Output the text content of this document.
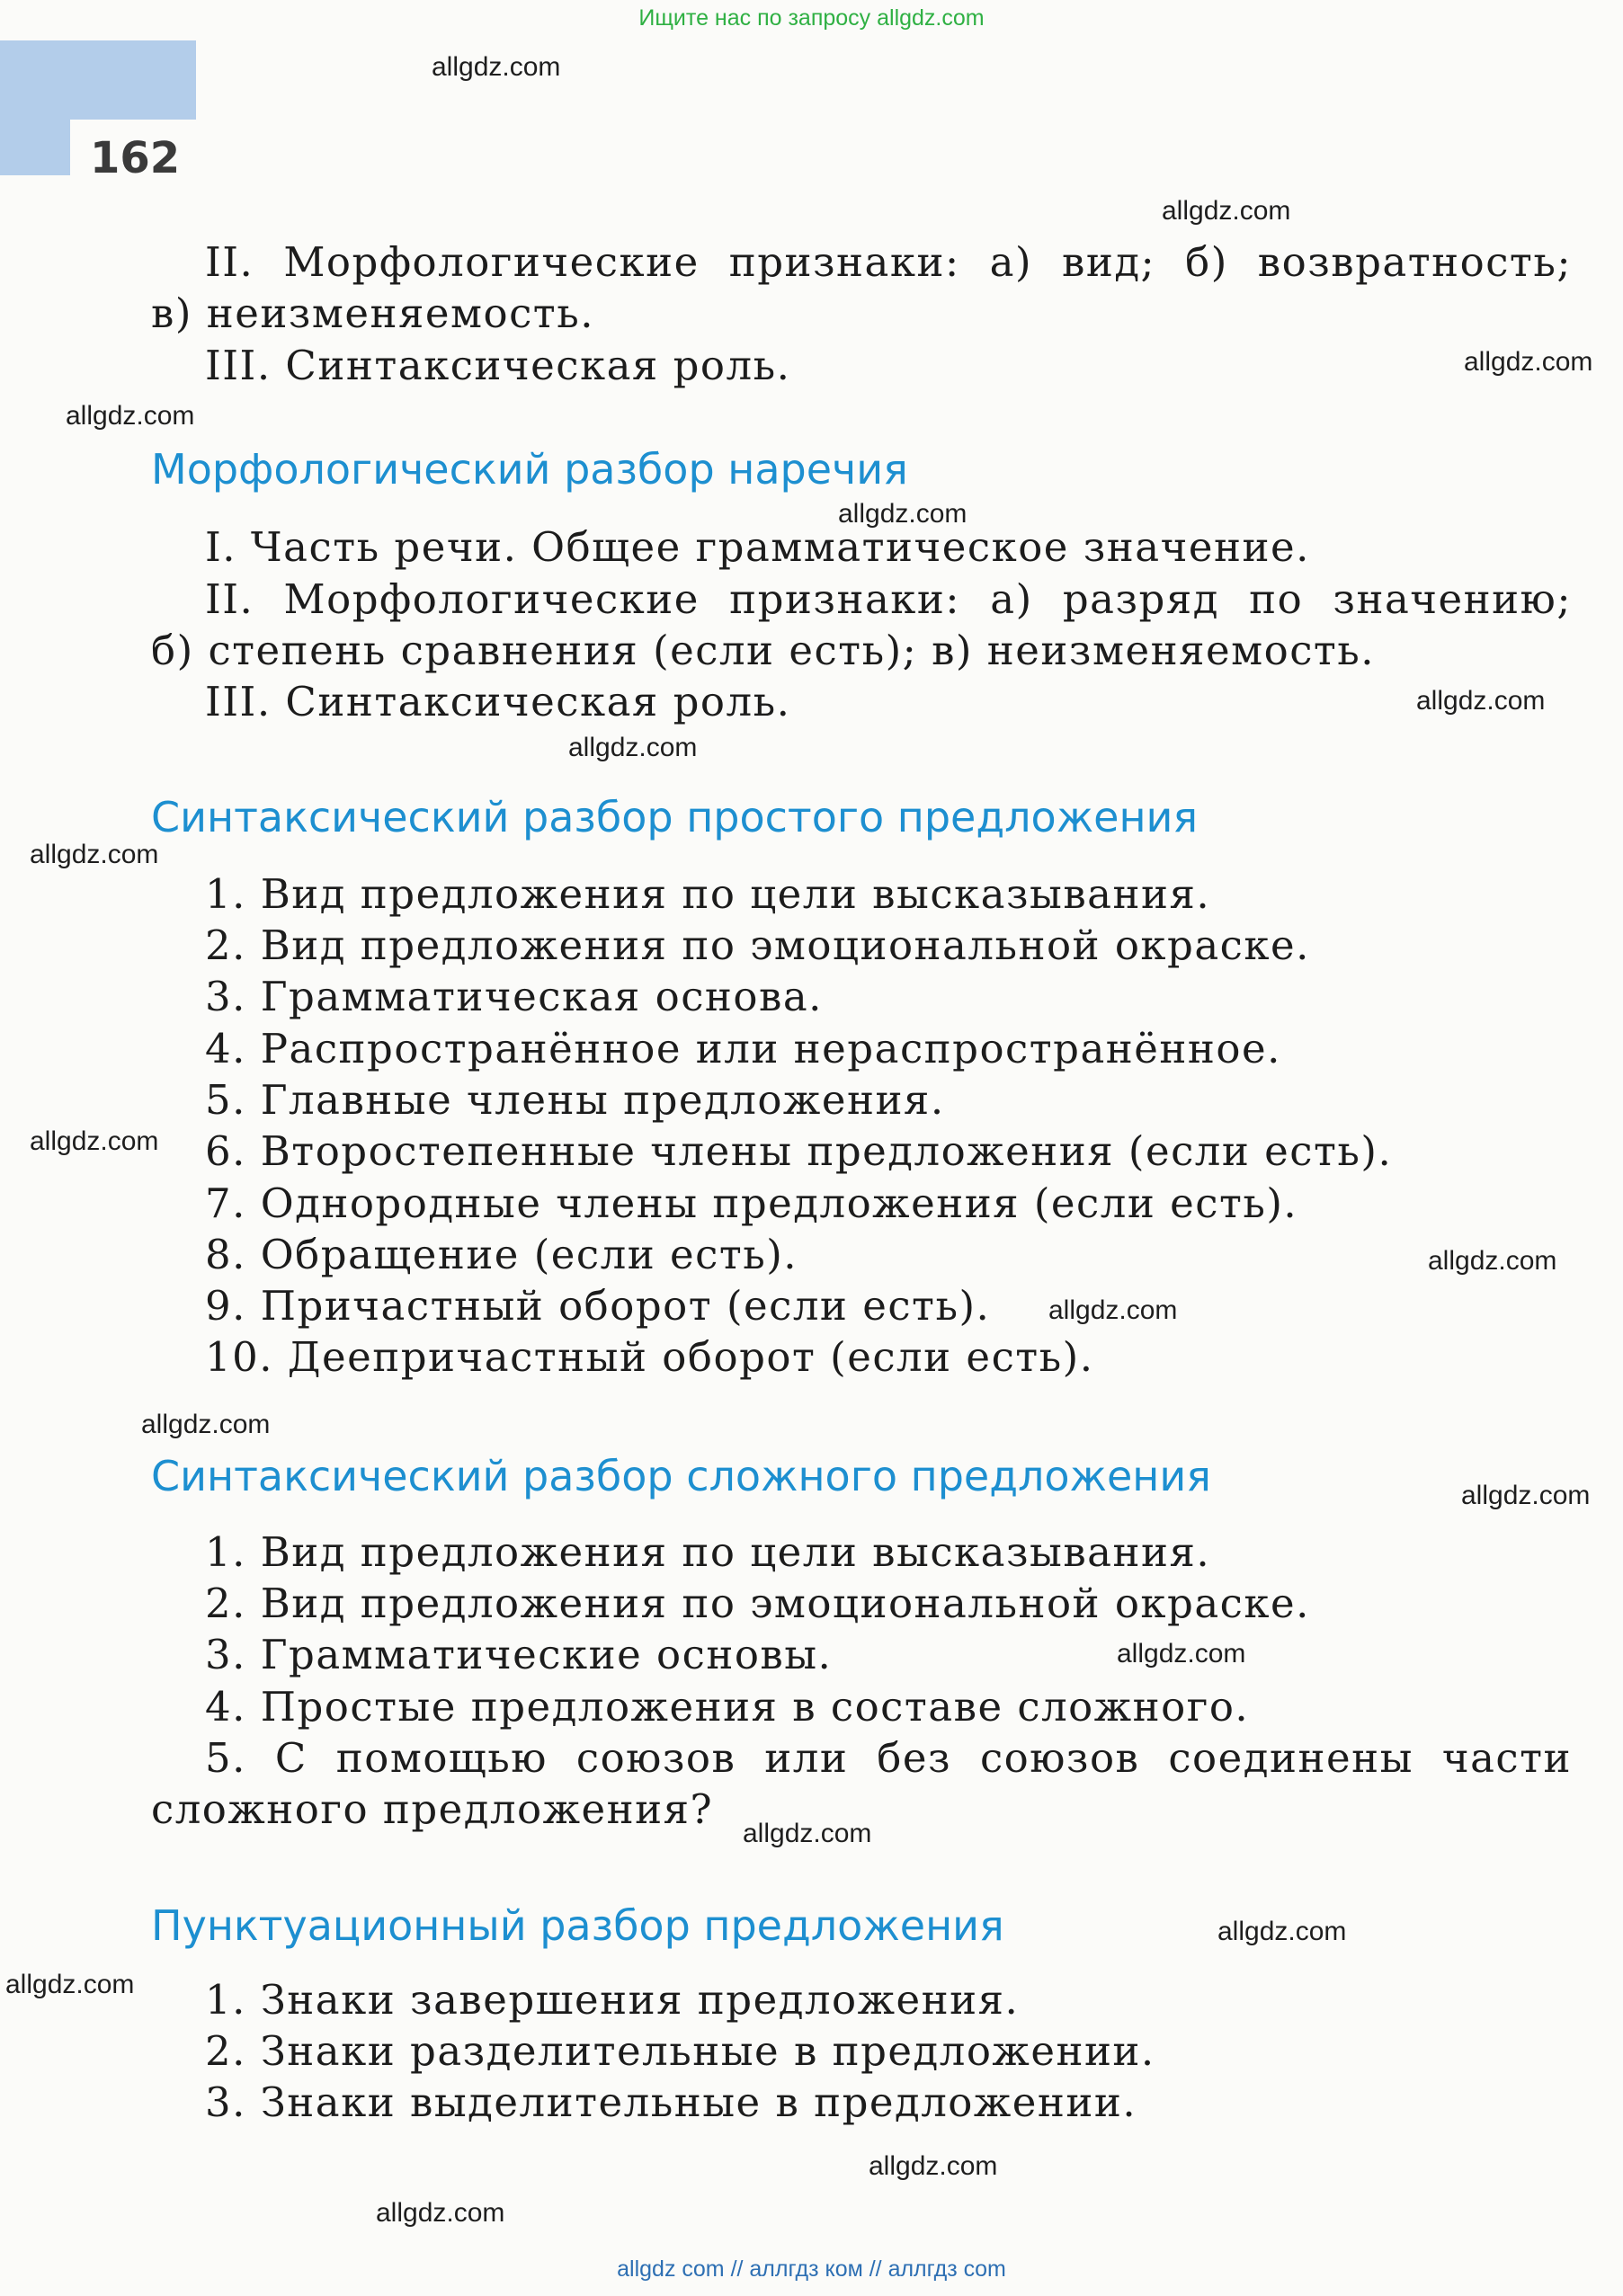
Ищите нас по запросу allgdz.com
162
II. Морфологические признаки: а) вид; б) возвратность;
в) неизменяемость.
III. Синтаксическая роль.
Морфологический разбор наречия
I. Часть речи. Общее грамматическое значение.
II. Морфологические признаки: а) разряд по значению;
б) степень сравнения (если есть); в) неизменяемость.
III. Синтаксическая роль.
Синтаксический разбор простого предложения
1. Вид предложения по цели высказывания.
2. Вид предложения по эмоциональной окраске.
3. Грамматическая основа.
4. Распространённое или нераспространённое.
5. Главные члены предложения.
6. Второстепенные члены предложения (если есть).
7. Однородные члены предложения (если есть).
8. Обращение (если есть).
9. Причастный оборот (если есть).
10. Деепричастный оборот (если есть).
Синтаксический разбор сложного предложения
1. Вид предложения по цели высказывания.
2. Вид предложения по эмоциональной окраске.
3. Грамматические основы.
4. Простые предложения в составе сложного.
5. С помощью союзов или без союзов соединены части
сложного предложения?
Пунктуационный разбор предложения
1. Знаки завершения предложения.
2. Знаки разделительные в предложении.
3. Знаки выделительные в предложении.
allgdz.com
allgdz.com
allgdz.com
allgdz.com
allgdz.com
allgdz.com
allgdz.com
allgdz.com
allgdz.com
allgdz.com
allgdz.com
allgdz.com
allgdz.com
allgdz.com
allgdz.com
allgdz.com
allgdz.com
allgdz.com
allgdz.com
allgdz com // аллгдз ком // аллгдз com
